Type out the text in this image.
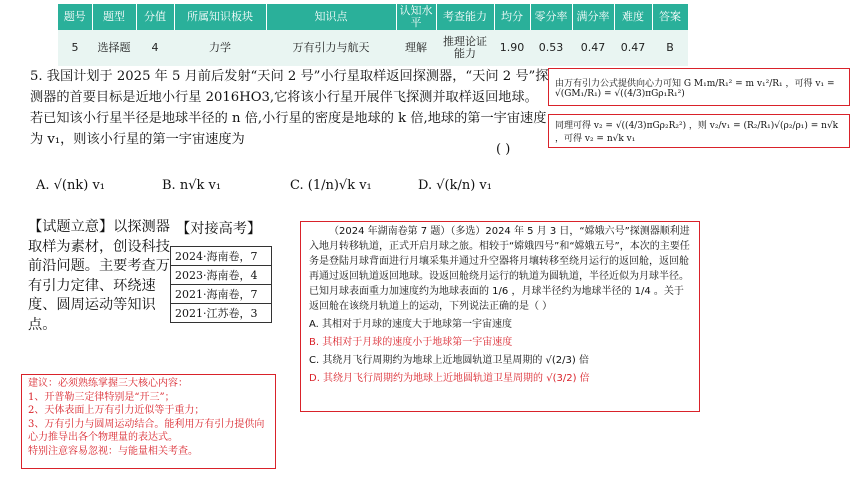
题号	题型	分值	所属知识板块	知识点	认知水平	考查能力	均分	零分率	满分率	难度	答案
5	选择题	4	力学	万有引力与航天	理解	推理论证能力	1.90	0.53	0.47	0.47	B
5. 我国计划于 2025 年 5 月前后发射“天问 2 号”小行星取样返回探测器，“天问 2 号”探测器的首要目标是近地小行星 2016HO3,它将该小行星开展伴飞探测并取样返回地球。若已知该小行星半径是地球半径的 n 倍,小行星的密度是地球的 k 倍,地球的第一宇宙速度为 v₁，则该小行星的第一宇宙速度为
( )
A. √(nk) v₁	B. n√k v₁	C. (1/n)√k v₁	D. √(k/n) v₁
由万有引力公式提供向心力可知 G M₁m/R₁² = m v₁²/R₁ ，可得 v₁ = √(GM₁/R₁) = √((4/3)πGρ₁R₁²)
同理可得 v₂ = √((4/3)πGρ₂R₂²) ，则 v₂/v₁ = (R₂/R₁)√(ρ₂/ρ₁) = n√k ，可得 v₂ = n√k v₁
【试题立意】以探测器取样为素材，创设科技前沿问题。主要考查万有引力定律、环绕速度、圆周运动等知识点。
【对接高考】
2024·海南卷，7
2023·海南卷，4
2021·海南卷，7
2021·江苏卷，3
（2024 年湖南卷第 7 题）（多选）2024 年 5 月 3 日，“嫦娥六号”探测器顺利进入地月转移轨道，正式开启月球之旅。相较于“嫦娥四号”和“嫦娥五号”，本次的主要任务是登陆月球背面进行月壤采集并通过升空器将月壤转移至绕月运行的返回舱，返回舱再通过返回轨道返回地球。设返回舱绕月运行的轨道为圆轨道，半径近似为月球半径。已知月球表面重力加速度约为地球表面的 1/6 ，月球半径约为地球半径的 1/4 。关于返回舱在该绕月轨道上的运动，下列说法正确的是（ ）
A. 其相对于月球的速度大于地球第一宇宙速度
B. 其相对于月球的速度小于地球第一宇宙速度
C. 其绕月飞行周期约为地球上近地圆轨道卫星周期的 √(2/3) 倍
D. 其绕月飞行周期约为地球上近地圆轨道卫星周期的 √(3/2) 倍
建议：必须熟练掌握三大核心内容：
1、开普勒三定律特别是“开三”；
2、天体表面上万有引力近似等于重力；
3、万有引力与圆周运动结合。能利用万有引力提供向心力推导出各个物理量的表达式。
特别注意容易忽视：与能量相关考查。
